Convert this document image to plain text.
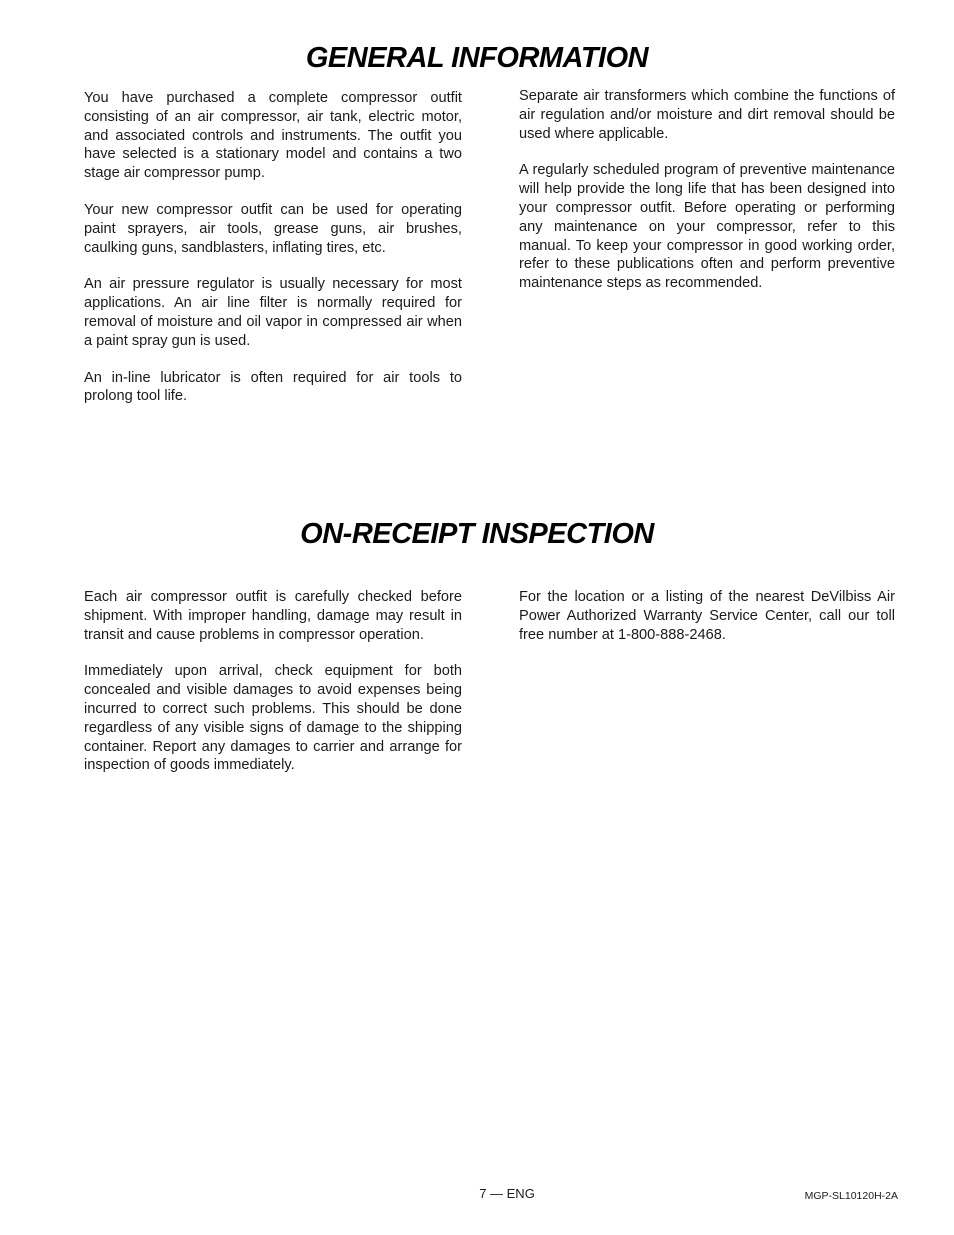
GENERAL INFORMATION

You have purchased a complete compressor outfit consisting of an air compressor, air tank, electric motor, and associated controls and instruments. The outfit you have selected is a stationary model and contains a two stage air compressor pump.

Your new compressor outfit can be used for operating paint sprayers, air tools, grease guns, air brushes, caulking guns, sandblasters, inflating tires, etc.

An air pressure regulator is usually necessary for most applications. An air line filter is normally required for removal of moisture and oil vapor in compressed air when a paint spray gun is used.

An in-line lubricator is often required for air tools to prolong tool life.

Separate air transformers which combine the functions of air regulation and/or moisture and dirt removal should be used where applicable.

A regularly scheduled program of preventive maintenance will help provide the long life that has been designed into your compressor outfit. Before operating or performing any maintenance on your compressor, refer to this manual. To keep your compressor in good working order, refer to these publications often and perform preventive maintenance steps as recommended.

ON-RECEIPT INSPECTION

Each air compressor outfit is carefully checked before shipment. With improper handling, damage may result in transit and cause problems in compressor operation.

Immediately upon arrival, check equipment for both concealed and visible damages to avoid expenses being incurred to correct such problems. This should be done regardless of any visible signs of damage to the shipping container. Report any damages to carrier and arrange for inspection of goods immediately.

For the location or a listing of the nearest DeVilbiss Air Power Authorized Warranty Service Center, call our toll free number at 1-800-888-2468.

7 — ENG	MGP-SL10120H-2A
